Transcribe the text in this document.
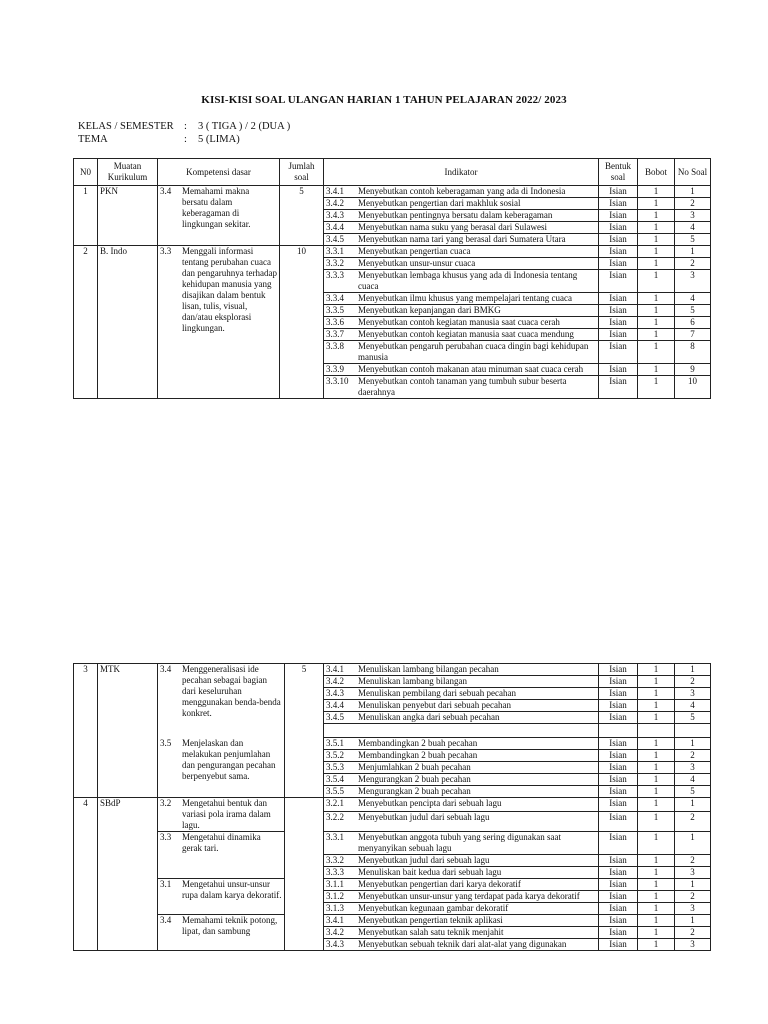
KISI-KISI SOAL ULANGAN HARIAN 1 TAHUN PELAJARAN 2022/ 2023
KELAS / SEMESTER : 3 ( TIGA ) / 2 (DUA )
TEMA	: 5 (LIMA)
N0	Muatan Kurikulum	Kompetensi dasar	Jumlah soal	Indikator	Bentuk soal	Bobot	No Soal
1	PKN	3.4 Memahami makna bersatu dalam keberagaman di lingkungan sekitar.	5	3.4.1 Menyebutkan contoh keberagaman yang ada di Indonesia	Isian	1	1

				3.4.2 Menyebutkan pengertian dari makhluk sosial	Isian	1	2

				3.4.3 Menyebutkan pentingnya bersatu dalam keberagaman	Isian	1	3

				3.4.4 Menyebutkan nama suku yang berasal dari Sulawesi	Isian	1	4

				3.4.5 Menyebutkan nama tari yang berasal dari Sumatera Utara	Isian	1	5
2	B. Indo	3.3 Menggali informasi tentang perubahan cuaca dan pengaruhnya terhadap kehidupan manusia yang disajikan dalam bentuk lisan, tulis, visual, dan/atau eksplorasi lingkungan.	10	3.3.1 Menyebutkan pengertian cuaca	Isian	1	1

				3.3.2 Menyebutkan unsur-unsur cuaca	Isian	1	2

				3.3.3 Menyebutkan lembaga khusus yang ada di Indonesia tentang cuaca	Isian	1	3

				3.3.4 Menyebutkan ilmu khusus yang mempelajari tentang cuaca	Isian	1	4

				3.3.5 Menyebutkan kepanjangan dari BMKG	Isian	1	5

				3.3.6 Menyebutkan contoh kegiatan manusia saat cuaca cerah	Isian	1	6

				3.3.7 Menyebutkan contoh kegiatan manusia saat cuaca mendung	Isian	1	7

				3.3.8 Menyebutkan pengaruh perubahan cuaca dingin bagi kehidupan manusia	Isian	1	8

				3.3.9 Menyebutkan contoh makanan atau minuman saat cuaca cerah	Isian	1	9

				3.3.10 Menyebutkan contoh tanaman yang tumbuh subur beserta daerahnya	Isian	1	10
3	MTK	3.4 Menggeneralisasi ide pecahan sebagai bagian dari keseluruhan menggunakan benda-benda konkret.	5	3.4.1 Menuliskan lambang bilangan pecahan	Isian	1	1

				3.4.2 Menuliskan lambang bilangan	Isian	1	2

				3.4.3 Menuliskan pembilang dari sebuah pecahan	Isian	1	3

				3.4.4 Menuliskan penyebut dari sebuah pecahan	Isian	1	4

				3.4.5 Menuliskan angka dari sebuah pecahan	Isian	1	5

		3.5 Menjelaskan dan melakukan penjumlahan dan pengurangan pecahan berpenyebut sama.		3.5.1 Membandingkan 2 buah pecahan	Isian	1	1

				3.5.2 Membandingkan 2 buah pecahan	Isian	1	2

				3.5.3 Menjumlahkan 2 buah pecahan	Isian	1	3

				3.5.4 Mengurangkan 2 buah pecahan	Isian	1	4

				3.5.5 Mengurangkan 2 buah pecahan	Isian	1	5
4	SBdP	3.2 Mengetahui bentuk dan variasi pola irama dalam lagu.		3.2.1 Menyebutkan pencipta dari sebuah lagu	Isian	1	1

				3.2.2 Menyebutkan judul dari sebuah lagu	Isian	1	2

		3.3 Mengetahui dinamika gerak tari.		3.3.1 Menyebutkan anggota tubuh yang sering digunakan saat menyanyikan sebuah lagu	Isian	1	1

				3.3.2 Menyebutkan judul dari sebuah lagu	Isian	1	2

				3.3.3 Menuliskan bait kedua dari sebuah lagu	Isian	1	3

		3.1 Mengetahui unsur-unsur rupa dalam karya dekoratif.		3.1.1 Menyebutkan pengertian dari karya dekoratif	Isian	1	1

				3.1.2 Menyebutkan unsur-unsur yang terdapat pada karya dekoratif	Isian	1	2

				3.1.3 Menyebutkan kegunaan gambar dekoratif	Isian	1	3

		3.4 Memahami teknik potong, lipat, dan sambung		3.4.1 Menyebutkan pengertian teknik aplikasi	Isian	1	1

				3.4.2 Menyebutkan salah satu teknik menjahit	Isian	1	2

				3.4.3 Menyebutkan sebuah teknik dari alat-alat yang digunakan	Isian	1	3
